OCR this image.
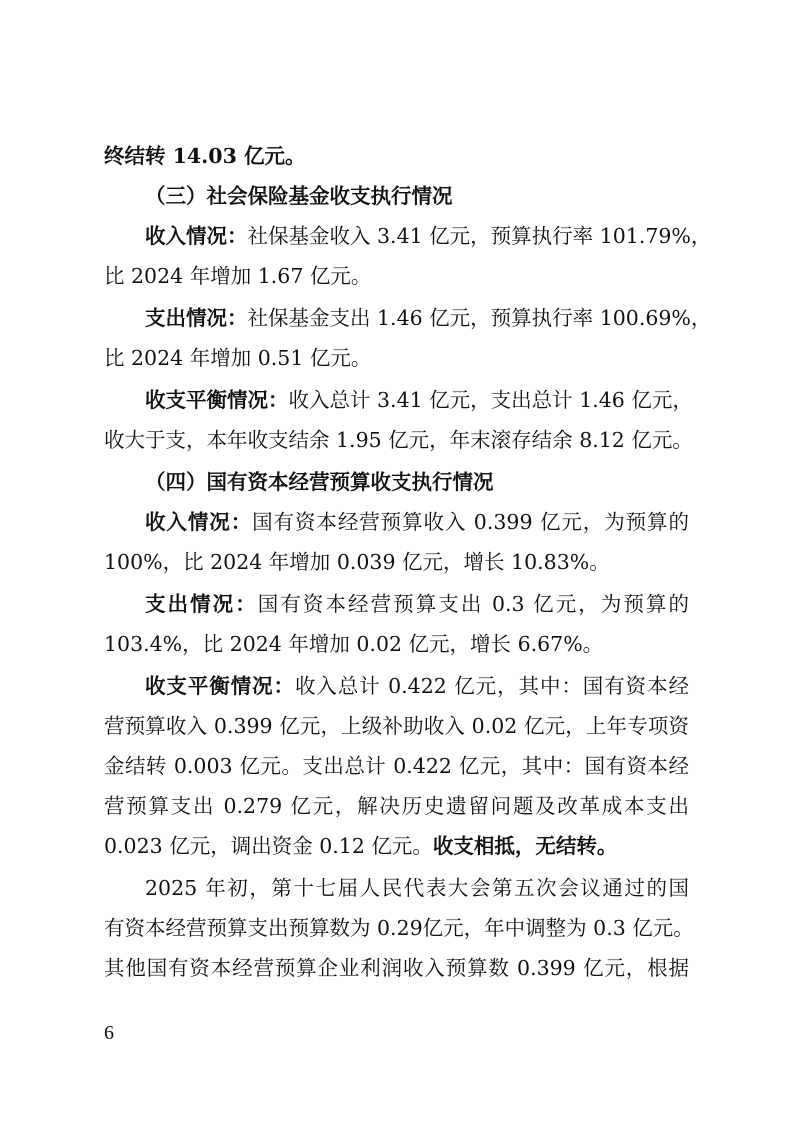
终结转 14.03 亿元。

（三）社会保险基金收支执行情况

收入情况：社保基金收入 3.41 亿元，预算执行率 101.79%，

比 2024 年增加 1.67 亿元。

支出情况：社保基金支出 1.46 亿元，预算执行率 100.69%，

比 2024 年增加 0.51 亿元。

收支平衡情况：收入总计 3.41 亿元，支出总计 1.46 亿元，

收大于支，本年收支结余 1.95 亿元，年末滚存结余 8.12 亿元。

（四）国有资本经营预算收支执行情况

收入情况：国有资本经营预算收入 0.399 亿元，为预算的

100%，比 2024 年增加 0.039 亿元，增长 10.83%。

支出情况：国有资本经营预算支出 0.3 亿元，为预算的

103.4%，比 2024 年增加 0.02 亿元，增长 6.67%。

收支平衡情况：收入总计 0.422 亿元，其中：国有资本经

营预算收入 0.399 亿元，上级补助收入 0.02 亿元，上年专项资

金结转 0.003 亿元。支出总计 0.422 亿元，其中：国有资本经

营预算支出 0.279 亿元，解决历史遗留问题及改革成本支出

0.023 亿元，调出资金 0.12 亿元。收支相抵，无结转。

2025 年初，第十七届人民代表大会第五次会议通过的国

有资本经营预算支出预算数为 0.29亿元，年中调整为 0.3 亿元。

其他国有资本经营预算企业利润收入预算数 0.399 亿元，根据

6
